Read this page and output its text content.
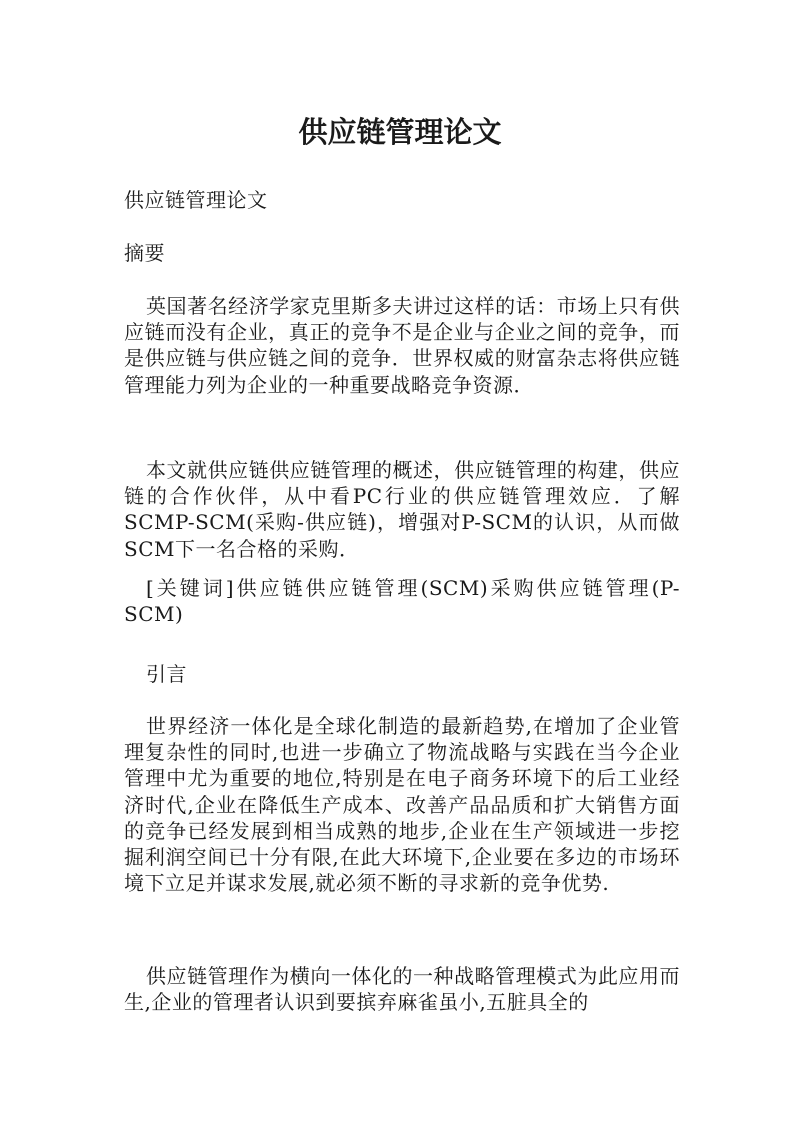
供应链管理论文

供应链管理论文

摘要

英国著名经济学家克里斯多夫讲过这样的话：市场上只有供应链而没有企业，真正的竞争不是企业与企业之间的竞争，而是供应链与供应链之间的竞争．世界权威的财富杂志将供应链管理能力列为企业的一种重要战略竞争资源．

本文就供应链供应链管理的概述，供应链管理的构建，供应链的合作伙伴，从中看PC行业的供应链管理效应．了解SCMP-SCM(采购-供应链)，增强对P-SCM的认识，从而做SCM下一名合格的采购．

[关键词]供应链供应链管理(SCM)采购供应链管理(P-SCM)

引言

世界经济一体化是全球化制造的最新趋势,在增加了企业管理复杂性的同时,也进一步确立了物流战略与实践在当今企业管理中尤为重要的地位,特别是在电子商务环境下的后工业经济时代,企业在降低生产成本、改善产品品质和扩大销售方面的竞争已经发展到相当成熟的地步,企业在生产领域进一步挖掘利润空间已十分有限,在此大环境下,企业要在多边的市场环境下立足并谋求发展,就必须不断的寻求新的竞争优势.

供应链管理作为横向一体化的一种战略管理模式为此应用而生,企业的管理者认识到要摈弃麻雀虽小,五脏具全的
